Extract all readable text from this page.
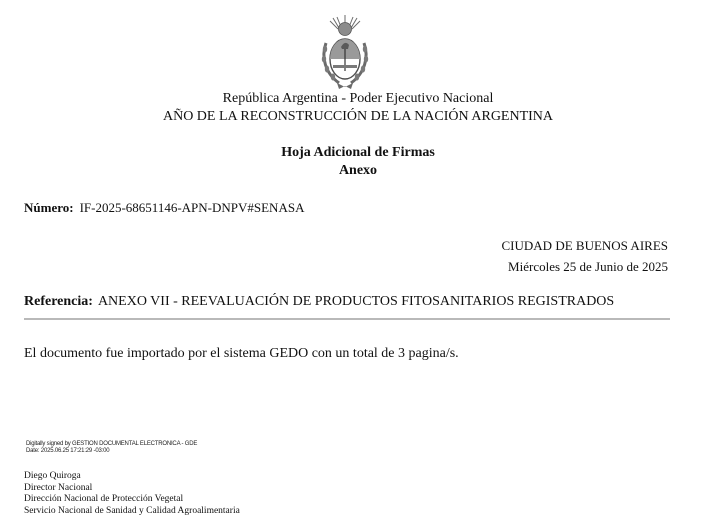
República Argentina - Poder Ejecutivo Nacional
AÑO DE LA RECONSTRUCCIÓN DE LA NACIÓN ARGENTINA
Hoja Adicional de Firmas
Anexo
Número: IF-2025-68651146-APN-DNPV#SENASA
CIUDAD DE BUENOS AIRES
Miércoles 25 de Junio de 2025
Referencia: ANEXO VII - REEVALUACIÓN DE PRODUCTOS FITOSANITARIOS REGISTRADOS
El documento fue importado por el sistema GEDO con un total de 3 pagina/s.
Digitally signed by GESTION DOCUMENTAL ELECTRONICA - GDE
Date: 2025.06.25 17:21:29 -03:00
Diego Quiroga
Director Nacional
Dirección Nacional de Protección Vegetal
Servicio Nacional de Sanidad y Calidad Agroalimentaria
